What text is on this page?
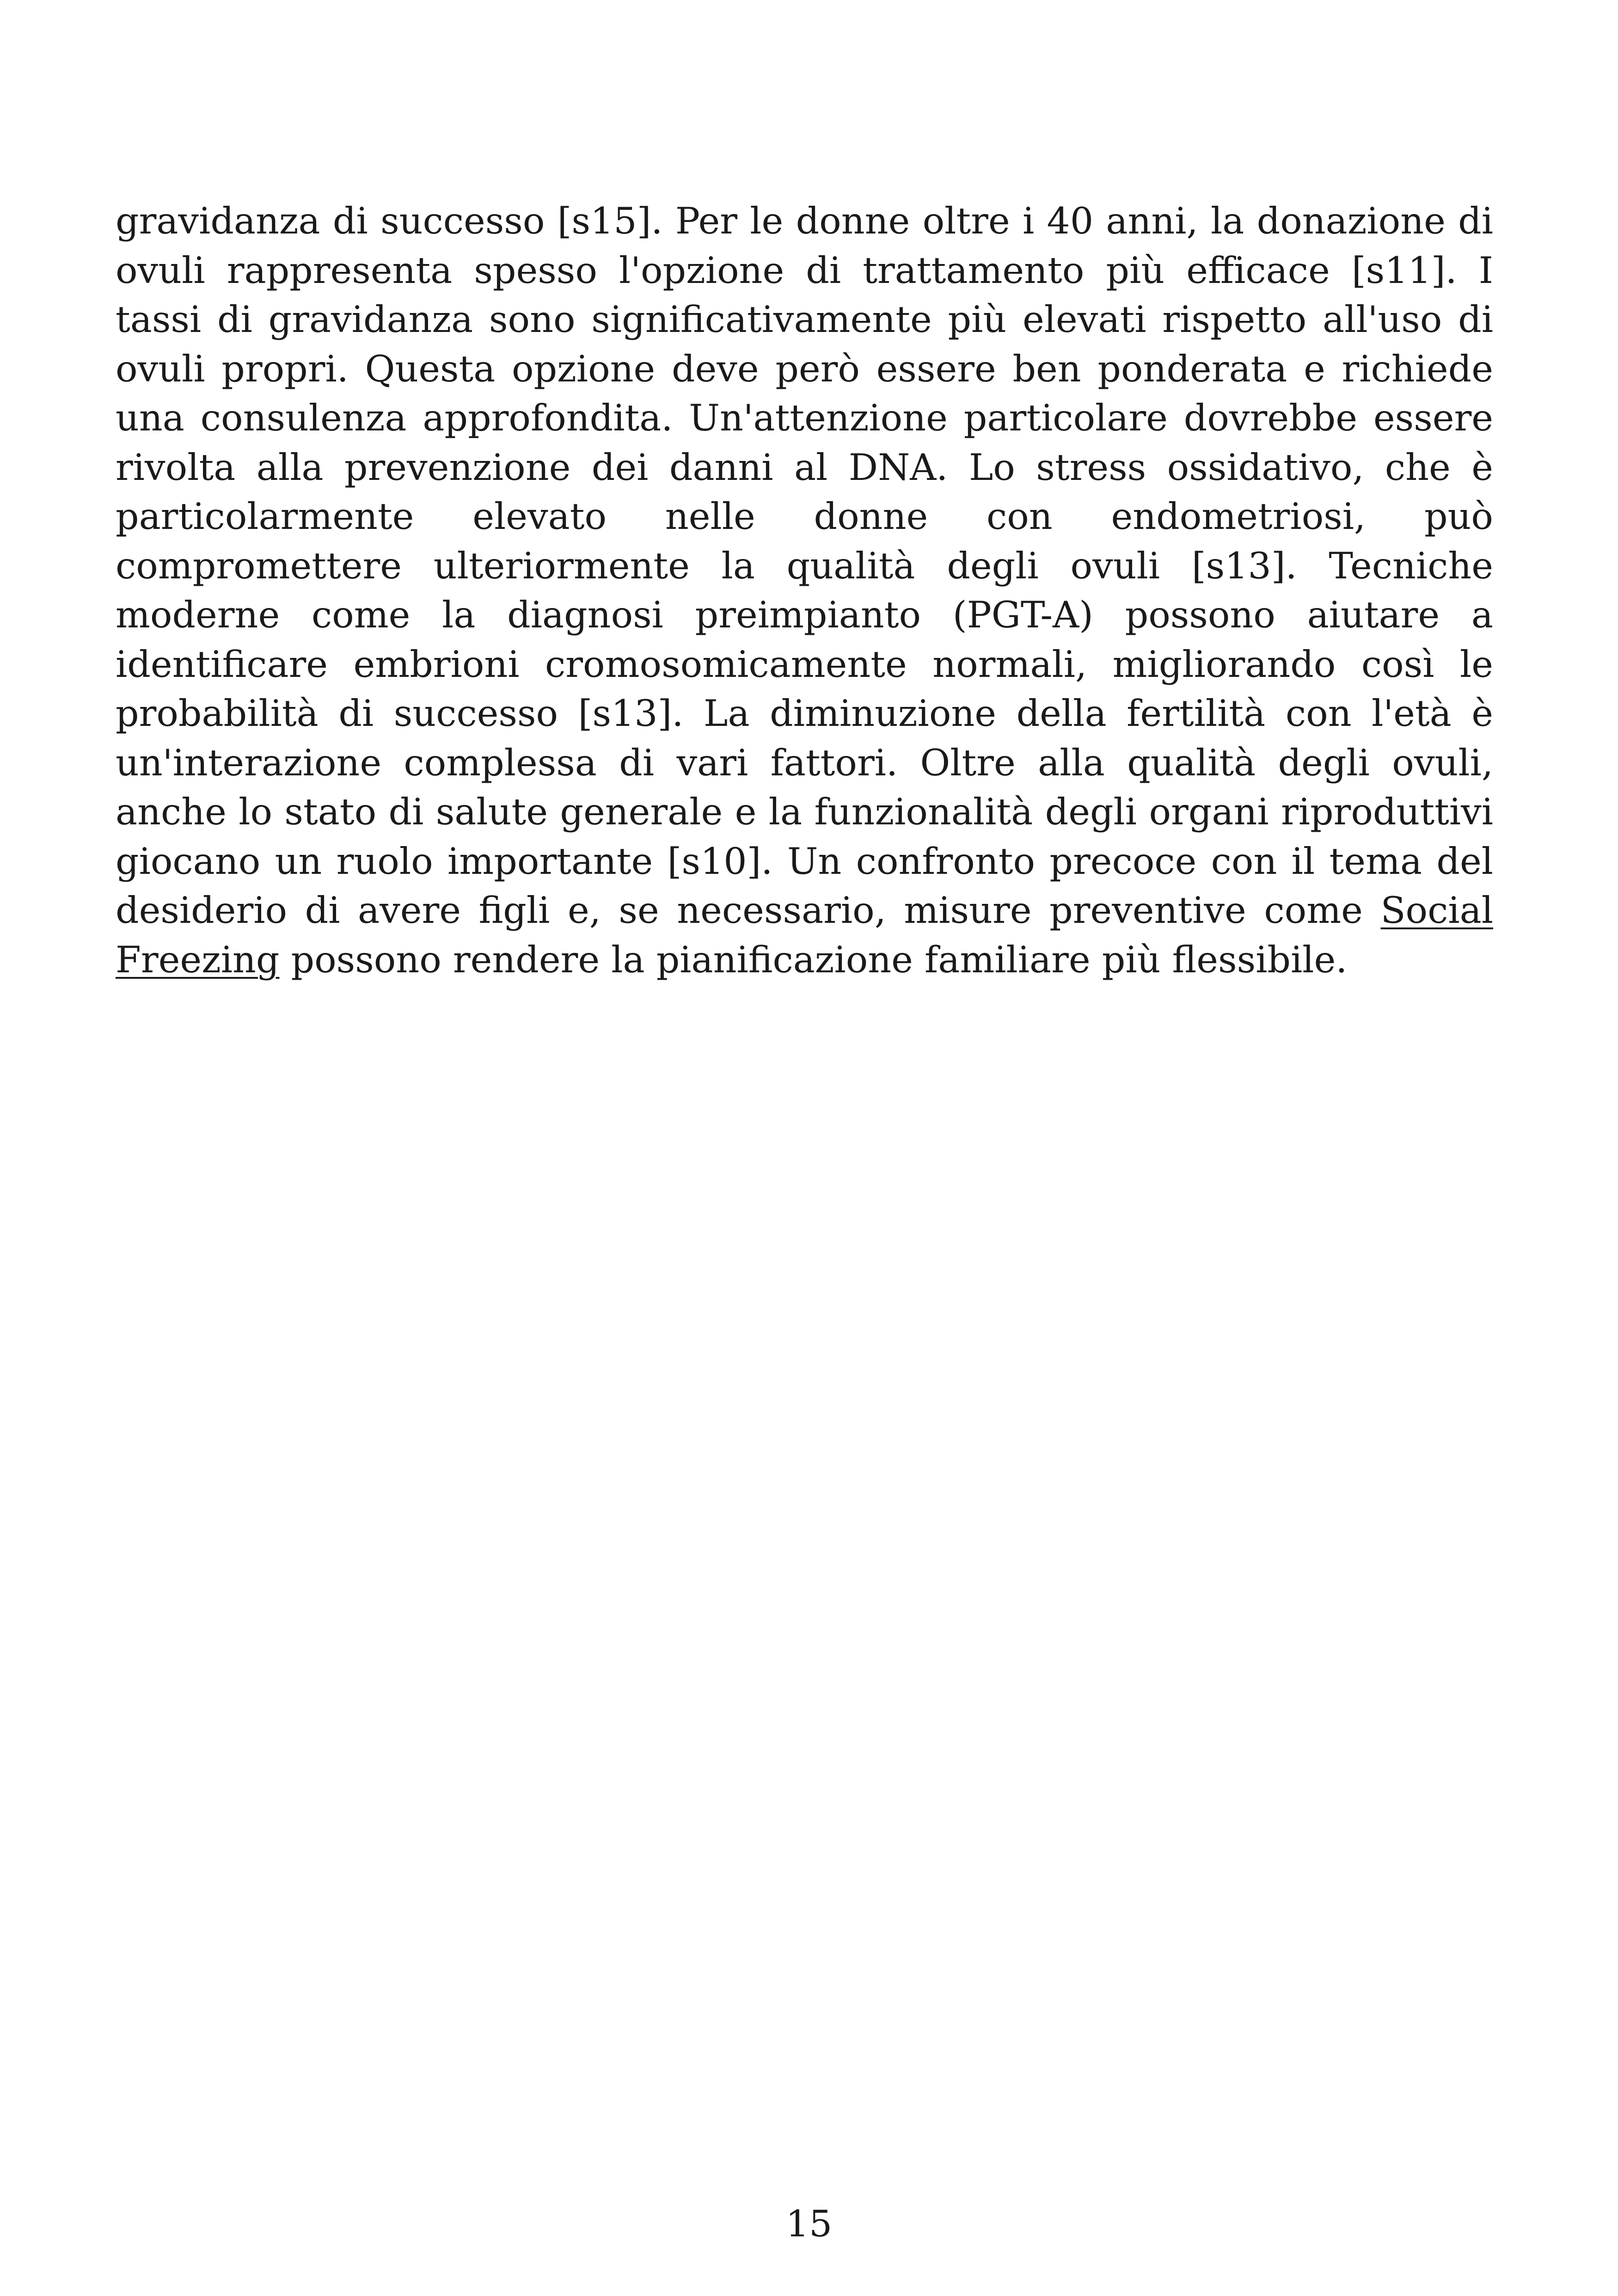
gravidanza di successo [s15]. Per le donne oltre i 40 anni, la donazione di ovuli rappresenta spesso l'opzione di trattamento più efficace [s11]. I tassi di gravidanza sono significativamente più elevati rispetto all'uso di ovuli propri. Questa opzione deve però essere ben ponderata e richiede una consulenza approfondita. Un'attenzione particolare dovrebbe essere rivolta alla prevenzione dei danni al DNA. Lo stress ossidativo, che è particolarmente elevato nelle donne con endometriosi, può compromettere ulteriormente la qualità degli ovuli [s13]. Tecniche moderne come la diagnosi preimpianto (PGT-A) possono aiutare a identificare embrioni cromosomicamente normali, migliorando così le probabilità di successo [s13]. La diminuzione della fertilità con l'età è un'interazione complessa di vari fattori. Oltre alla qualità degli ovuli, anche lo stato di salute generale e la funzionalità degli organi riproduttivi giocano un ruolo importante [s10]. Un confronto precoce con il tema del desiderio di avere figli e, se necessario, misure preventive come Social Freezing possono rendere la pianificazione familiare più flessibile.

15
